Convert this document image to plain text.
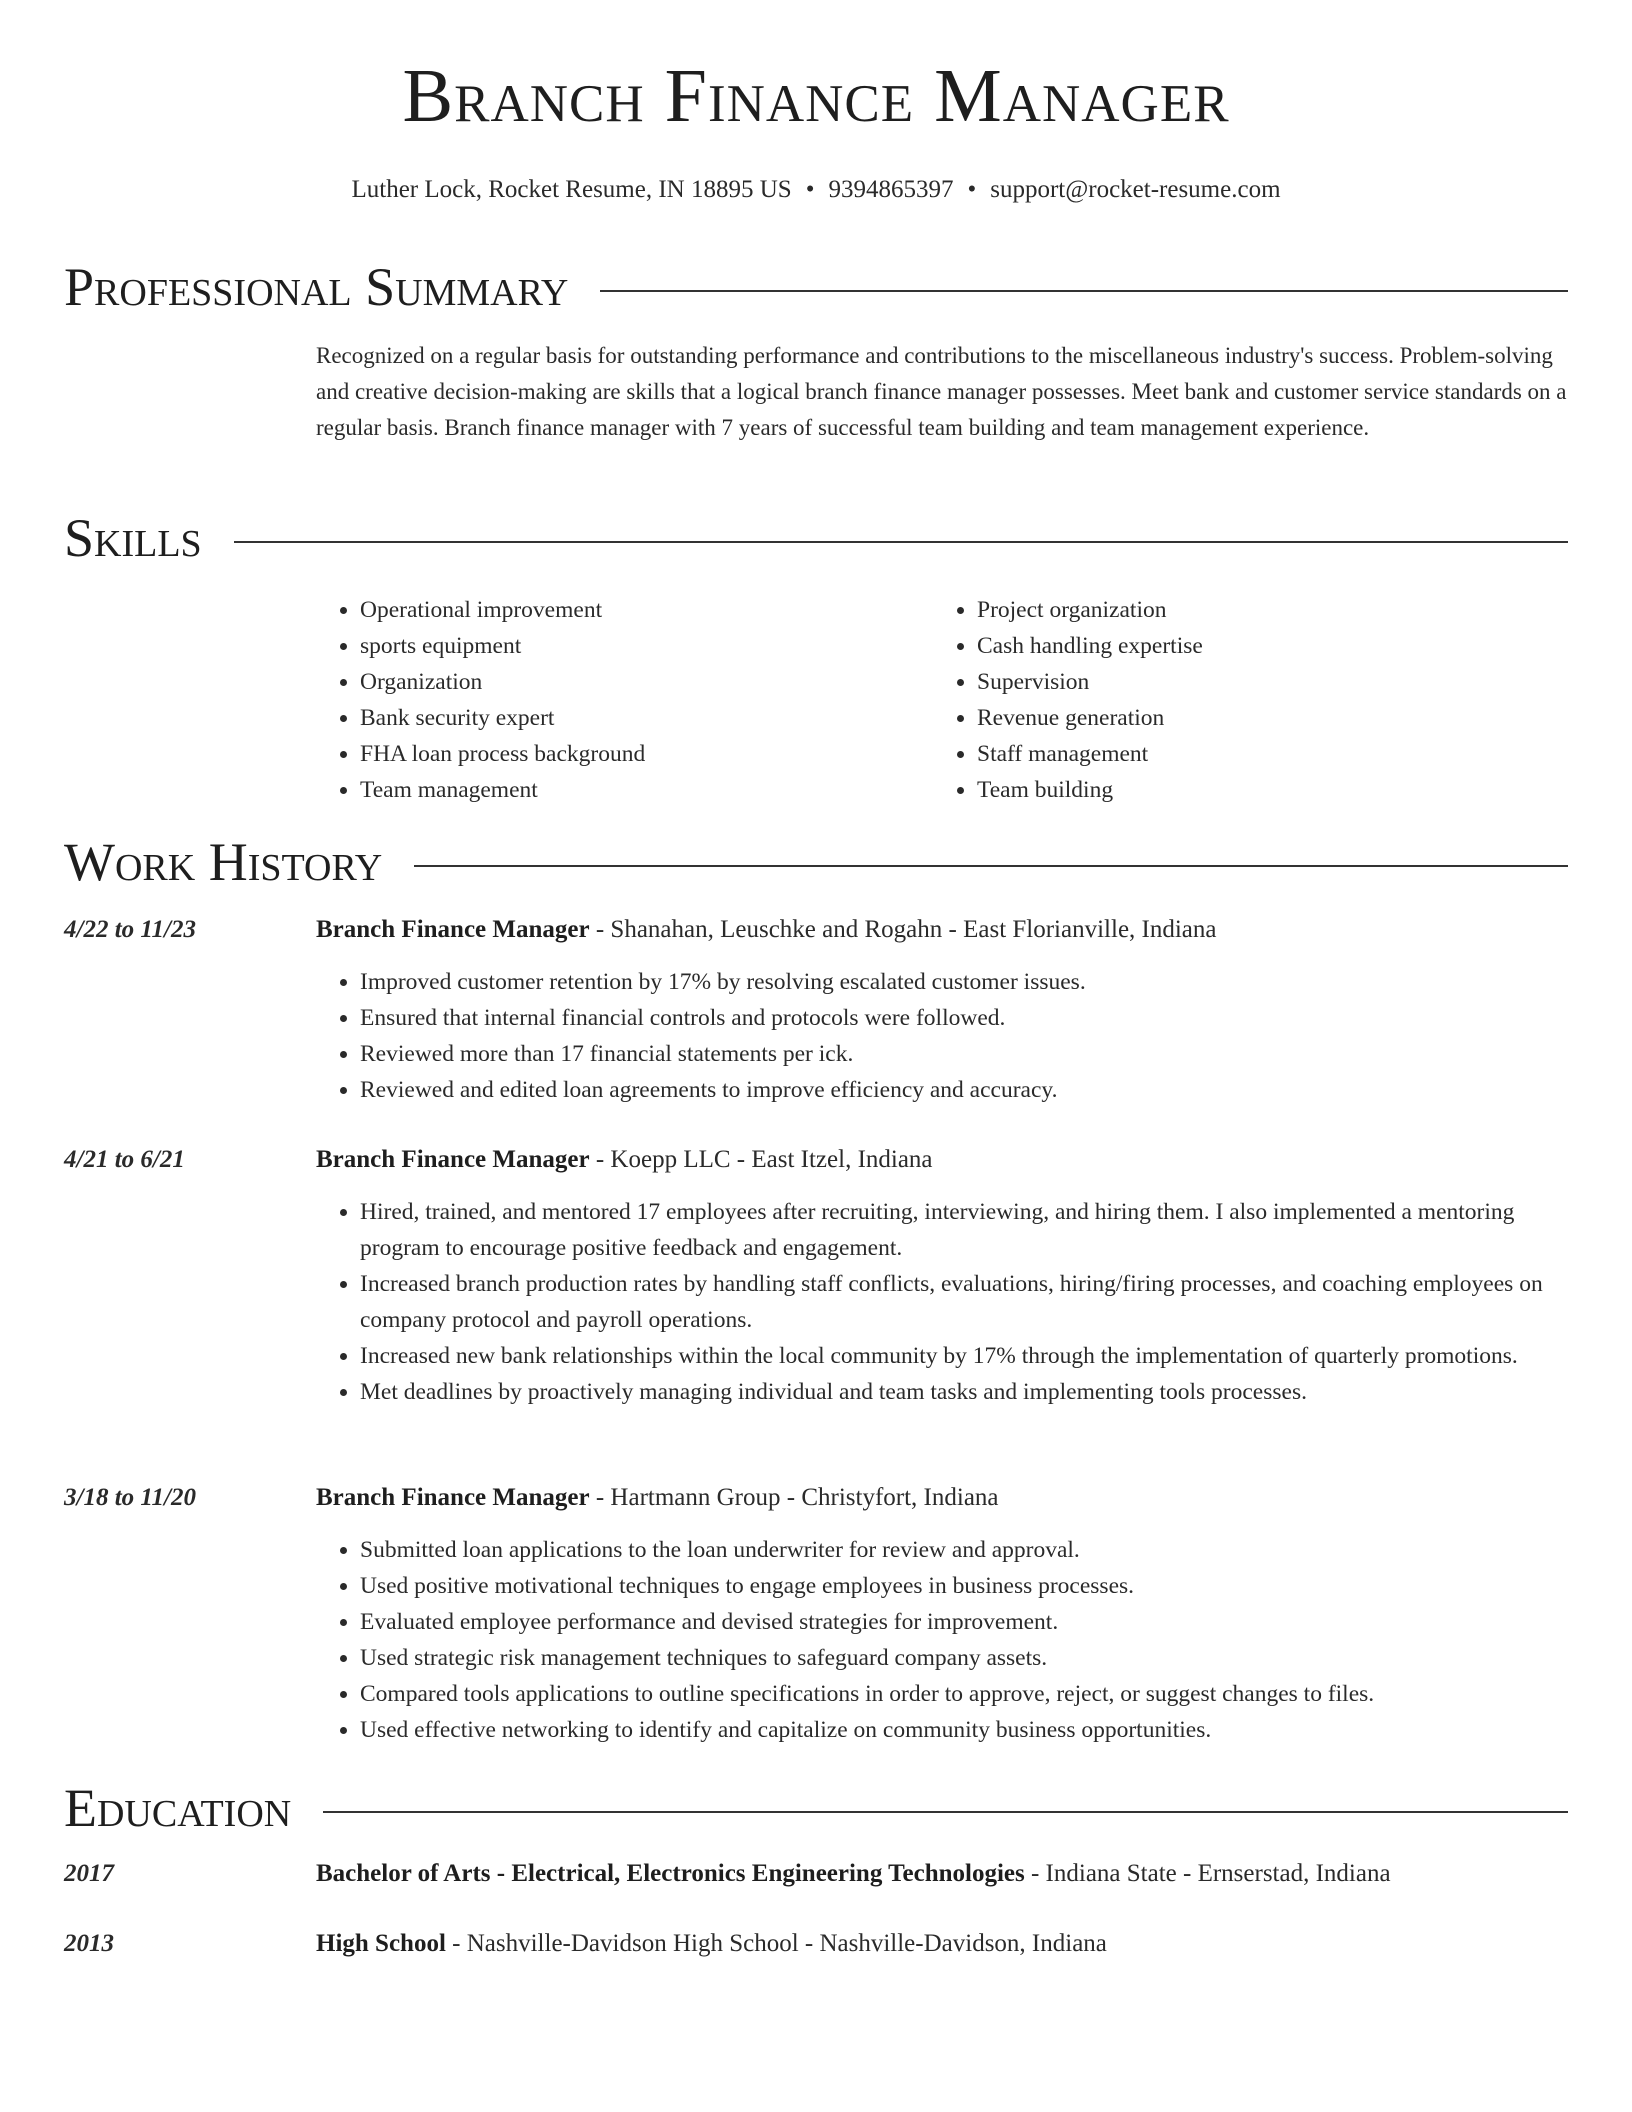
Branch Finance Manager
Luther Lock, Rocket Resume, IN 18895 US • 9394865397 • support@rocket-resume.com
Professional Summary

Recognized on a regular basis for outstanding performance and contributions to the miscellaneous industry's success. Problem-solving and creative decision-making are skills that a logical branch finance manager possesses. Meet bank and customer service standards on a regular basis. Branch finance manager with 7 years of successful team building and team management experience.

Skills
• Operational improvement
• sports equipment
• Organization
• Bank security expert
• FHA loan process background
• Team management
• Project organization
• Cash handling expertise
• Supervision
• Revenue generation
• Staff management
• Team building
Work History
4/22 to 11/23	Branch Finance Manager - Shanahan, Leuschke and Rogahn - East Florianville, Indiana
• Improved customer retention by 17% by resolving escalated customer issues.
• Ensured that internal financial controls and protocols were followed.
• Reviewed more than 17 financial statements per ick.
• Reviewed and edited loan agreements to improve efficiency and accuracy.
4/21 to 6/21	Branch Finance Manager - Koepp LLC - East Itzel, Indiana
• Hired, trained, and mentored 17 employees after recruiting, interviewing, and hiring them. I also implemented a mentoring program to encourage positive feedback and engagement.
• Increased branch production rates by handling staff conflicts, evaluations, hiring/firing processes, and coaching employees on company protocol and payroll operations.
• Increased new bank relationships within the local community by 17% through the implementation of quarterly promotions.
• Met deadlines by proactively managing individual and team tasks and implementing tools processes.
3/18 to 11/20	Branch Finance Manager - Hartmann Group - Christyfort, Indiana
• Submitted loan applications to the loan underwriter for review and approval.
• Used positive motivational techniques to engage employees in business processes.
• Evaluated employee performance and devised strategies for improvement.
• Used strategic risk management techniques to safeguard company assets.
• Compared tools applications to outline specifications in order to approve, reject, or suggest changes to files.
• Used effective networking to identify and capitalize on community business opportunities.
Education
2017	Bachelor of Arts - Electrical, Electronics Engineering Technologies - Indiana State - Ernserstad, Indiana
2013	High School - Nashville-Davidson High School - Nashville-Davidson, Indiana
